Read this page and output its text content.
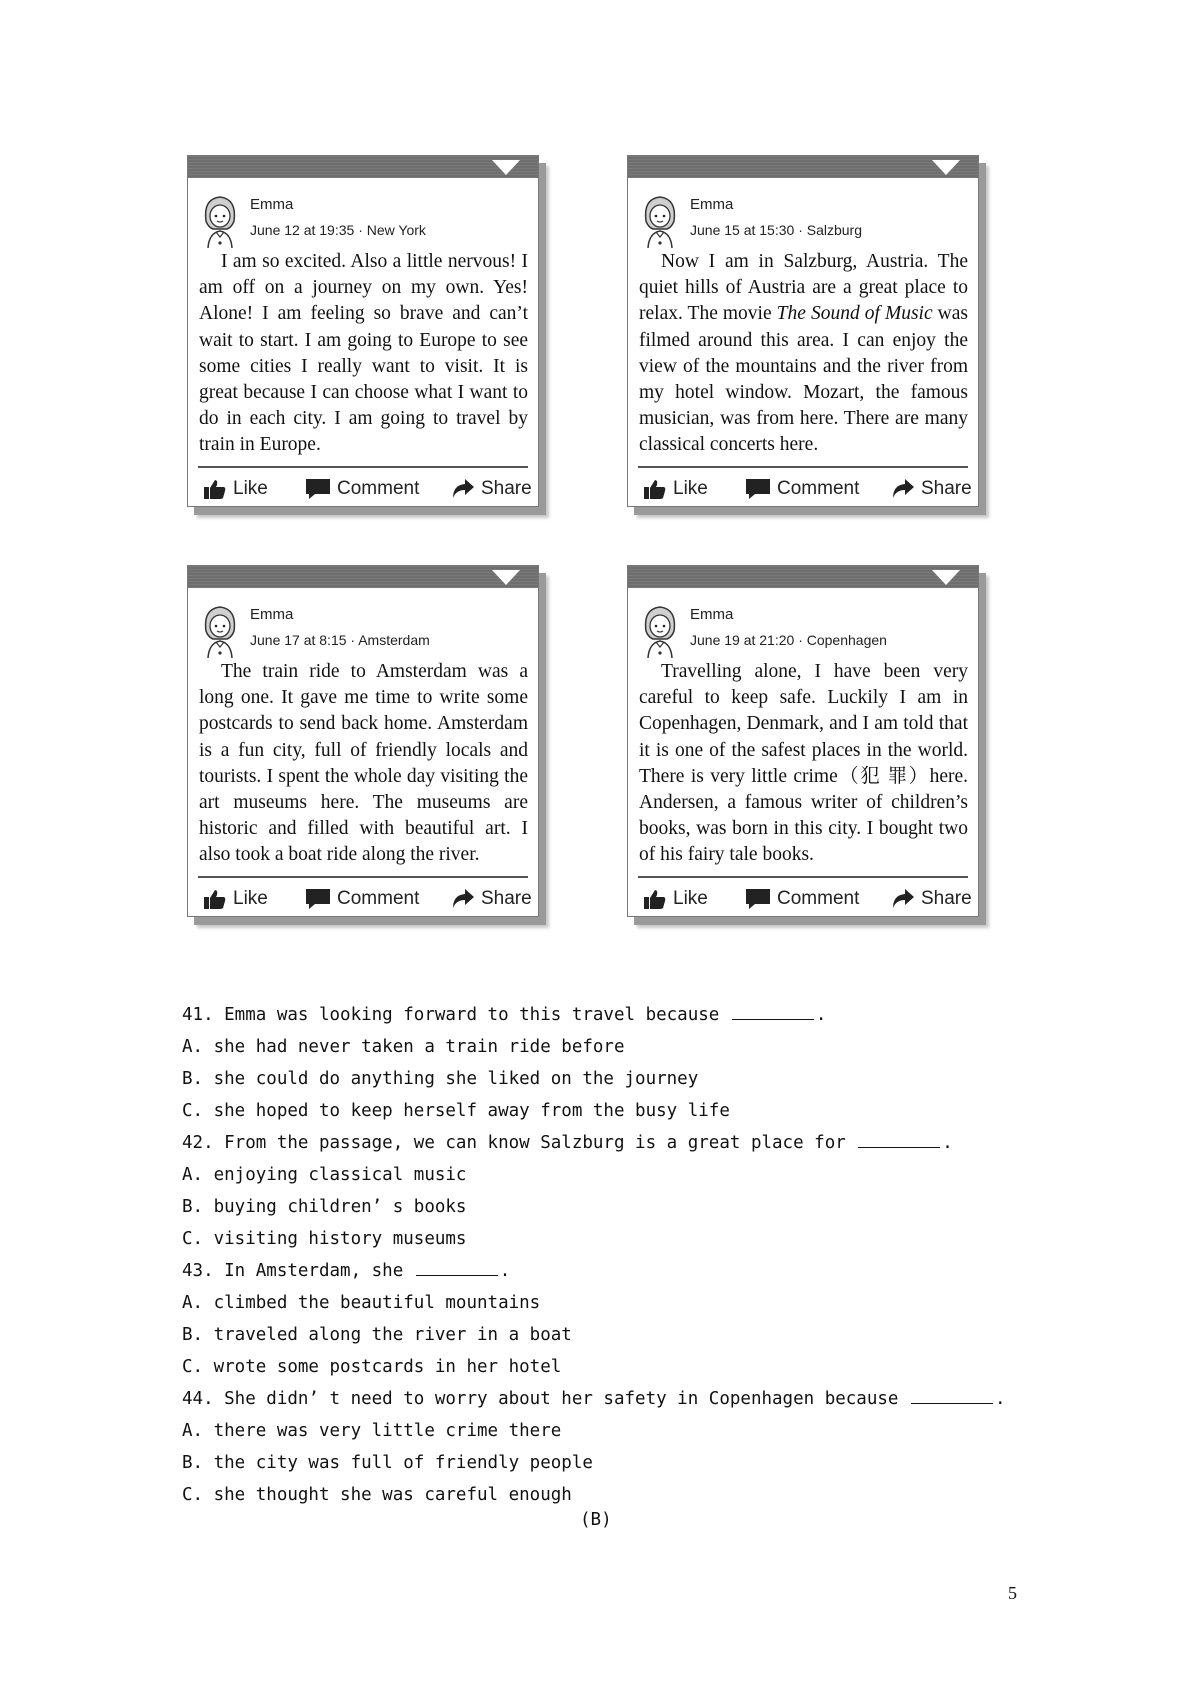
Emma
June 12 at 19:35 · New York
I am so excited. Also a little nervous! I am off on a journey on my own. Yes! Alone! I am feeling so brave and can’t wait to start. I am going to Europe to see some cities I really want to visit. It is great because I can choose what I want to do in each city. I am going to travel by train in Europe.
Like	Comment	Share
Emma
June 15 at 15:30 · Salzburg
Now I am in Salzburg, Austria. The quiet hills of Austria are a great place to relax. The movie The Sound of Music was filmed around this area. I can enjoy the view of the mountains and the river from my hotel window. Mozart, the famous musician, was from here. There are many classical concerts here.
Like	Comment	Share
Emma
June 17 at 8:15 · Amsterdam
The train ride to Amsterdam was a long one. It gave me time to write some postcards to send back home. Amsterdam is a fun city, full of friendly locals and tourists. I spent the whole day visiting the art museums here. The museums are historic and filled with beautiful art. I also took a boat ride along the river.
Like	Comment	Share
Emma
June 19 at 21:20 · Copenhagen
Travelling alone, I have been very careful to keep safe. Luckily I am in Copenhagen, Denmark, and I am told that it is one of the safest places in the world. There is very little crime（犯 罪）here. Andersen, a famous writer of children’s books, was born in this city. I bought two of his fairy tale books.
Like	Comment	Share
41. Emma was looking forward to this travel because	.
A. she had never taken a train ride before
B. she could do anything she liked on the journey
C. she hoped to keep herself away from the busy life
42. From the passage, we can know Salzburg is a great place for	.
A. enjoying classical music
B. buying children’ s books
C. visiting history museums
43. In Amsterdam, she	.
A. climbed the beautiful mountains
B. traveled along the river in a boat
C. wrote some postcards in her hotel
44. She didn’ t need to worry about her safety in Copenhagen because	.
A. there was very little crime there
B. the city was full of friendly people
C. she thought she was careful enough
(B)
5
